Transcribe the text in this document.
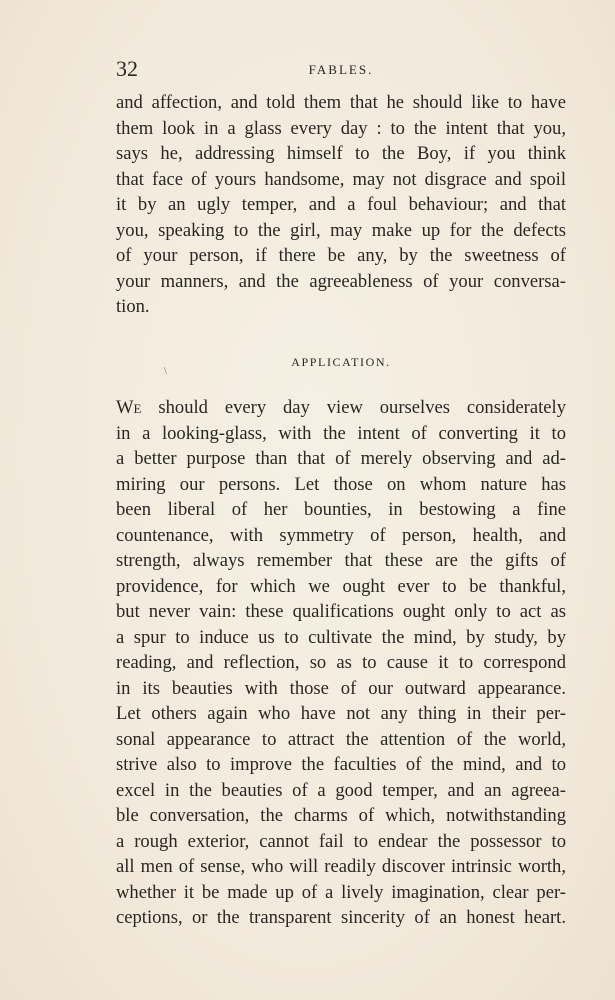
32	FABLES.
and affection, and told them that he should like to have
them look in a glass every day : to the intent that you,
says he, addressing himself to the Boy, if you think
that face of yours handsome, may not disgrace and spoil
it by an ugly temper, and a foul behaviour; and that
you, speaking to the girl, may make up for the defects
of your person, if there be any, by the sweetness of
your manners, and the agreeableness of your conversa-
tion.
APPLICATION.
\
We should every day view ourselves considerately
in a looking-glass, with the intent of converting it to
a better purpose than that of merely observing and ad-
miring our persons. Let those on whom nature has
been liberal of her bounties, in bestowing a fine
countenance, with symmetry of person, health, and
strength, always remember that these are the gifts of
providence, for which we ought ever to be thankful,
but never vain: these qualifications ought only to act as
a spur to induce us to cultivate the mind, by study, by
reading, and reflection, so as to cause it to correspond
in its beauties with those of our outward appearance.
Let others again who have not any thing in their per-
sonal appearance to attract the attention of the world,
strive also to improve the faculties of the mind, and to
excel in the beauties of a good temper, and an agreea-
ble conversation, the charms of which, notwithstanding
a rough exterior, cannot fail to endear the possessor to
all men of sense, who will readily discover intrinsic worth,
whether it be made up of a lively imagination, clear per-
ceptions, or the transparent sincerity of an honest heart.
